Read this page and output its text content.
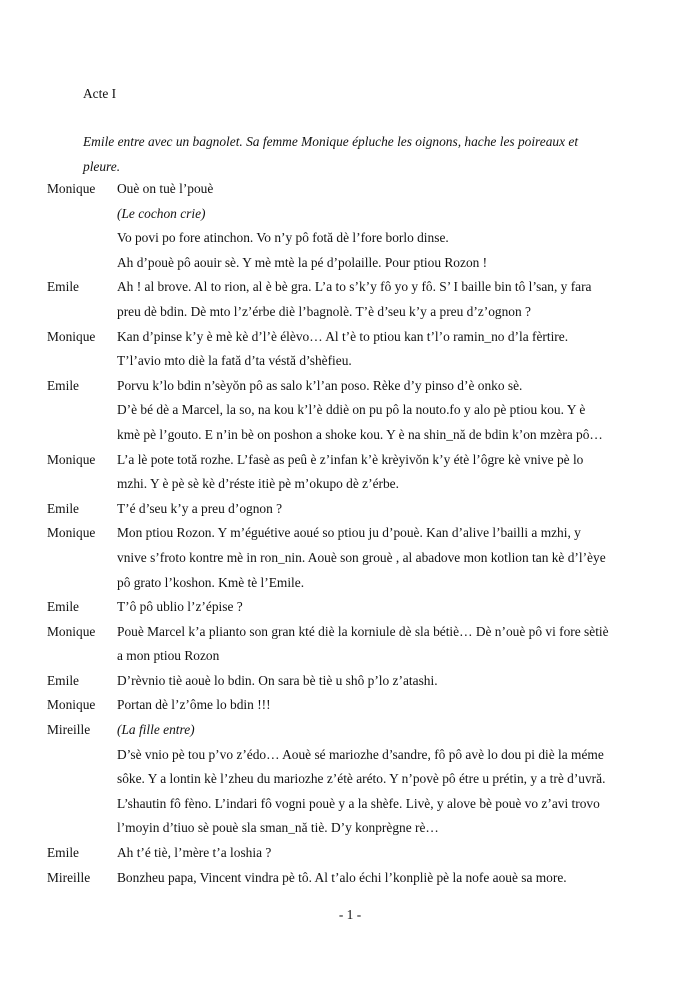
Acte I
Emile entre avec un bagnolet. Sa femme Monique épluche les oignons, hache les poireaux et
pleure.
Monique	Ouè on tuè l’pouè
(Le cochon crie)
Vo povi po fore atinchon. Vo n’y pô fotă dè l’fore borlo dinse.
Ah d’pouè pô aouir sè. Y mè mtè la pé d’polaille. Pour ptiou Rozon !
Emile	Ah ! al brove. Al to rion, al è bè gra. L’a to s’k’y fô yo y fô. S’ I baille bin tô l’san, y fara
preu dè bdin. Dè mto l’z’érbe diè l’bagnolè. T’è d’seu k’y a preu d’z’ognon ?
Monique	Kan d’pinse k’y è mè kè d’l’è élèvo… Al t’è to ptiou kan t’l’o ramin_no d’la fèrtire.
T’l’avio mto diè la fată d’ta véstă d’shèfieu.
Emile	Porvu k’lo bdin n’sèyŏn pô as salo k’l’an poso. Rèke d’y pinso d’è onko sè.
D’è bé dè a Marcel, la so, na kou k’l’è ddiè on pu pô la nouto.fo y alo pè ptiou kou. Y è
kmè pè l’gouto. E n’in bè on poshon a shoke kou. Y è na shin_nă de bdin k’on mzèra pô…
Monique	L’a lè pote totă rozhe. L’fasè as peû è z’infan k’è krèyivŏn k’y étè l’ôgre kè vnive pè lo
mzhi. Y è pè sè kè d’réste itiè pè m’okupo dè z’érbe.
Emile	T’é d’seu k’y a preu d’ognon ?
Monique	Mon ptiou Rozon. Y m’éguétive aoué so ptiou ju d’pouè. Kan d’alive l’bailli a mzhi, y
vnive s’froto kontre mè in ron_nin. Aouè son grouè , al abadove mon kotlion tan kè d’l’èye
pô grato l’koshon. Kmè tè l’Emile.
Emile	T’ô pô ublio l’z’épise ?
Monique	Pouè Marcel k’a plianto son gran kté diè la korniule dè sla bétiè… Dè n’ouè pô vi fore sètiè
a mon ptiou Rozon
Emile	D’rèvnio tiè aouè lo bdin. On sara bè tiè u shô p’lo z’atashi.
Monique	Portan dè l’z’ôme lo bdin !!!
Mireille	(La fille entre)
D’sè vnio pè tou p’vo z’édo… Aouè sé mariozhe d’sandre, fô pô avè lo dou pi diè la méme
sôke. Y a lontin kè l’zheu du mariozhe z’étè aréto. Y n’povè pô étre u prétin, y a trè d’uvră.
L’shautin fô fèno. L’indari fô vogni pouè y a la shèfe. Livè, y alove bè pouè vo z’avi trovo
l’moyin d’tiuo sè pouè sla sman_nă tiè. D’y konprègne rè…
Emile	Ah t’é tiè, l’mère t’a loshia ?
Mireille	Bonzheu papa, Vincent vindra pè tô. Al t’alo échi l’konpliè pè la nofe aouè sa more.
- 1 -
